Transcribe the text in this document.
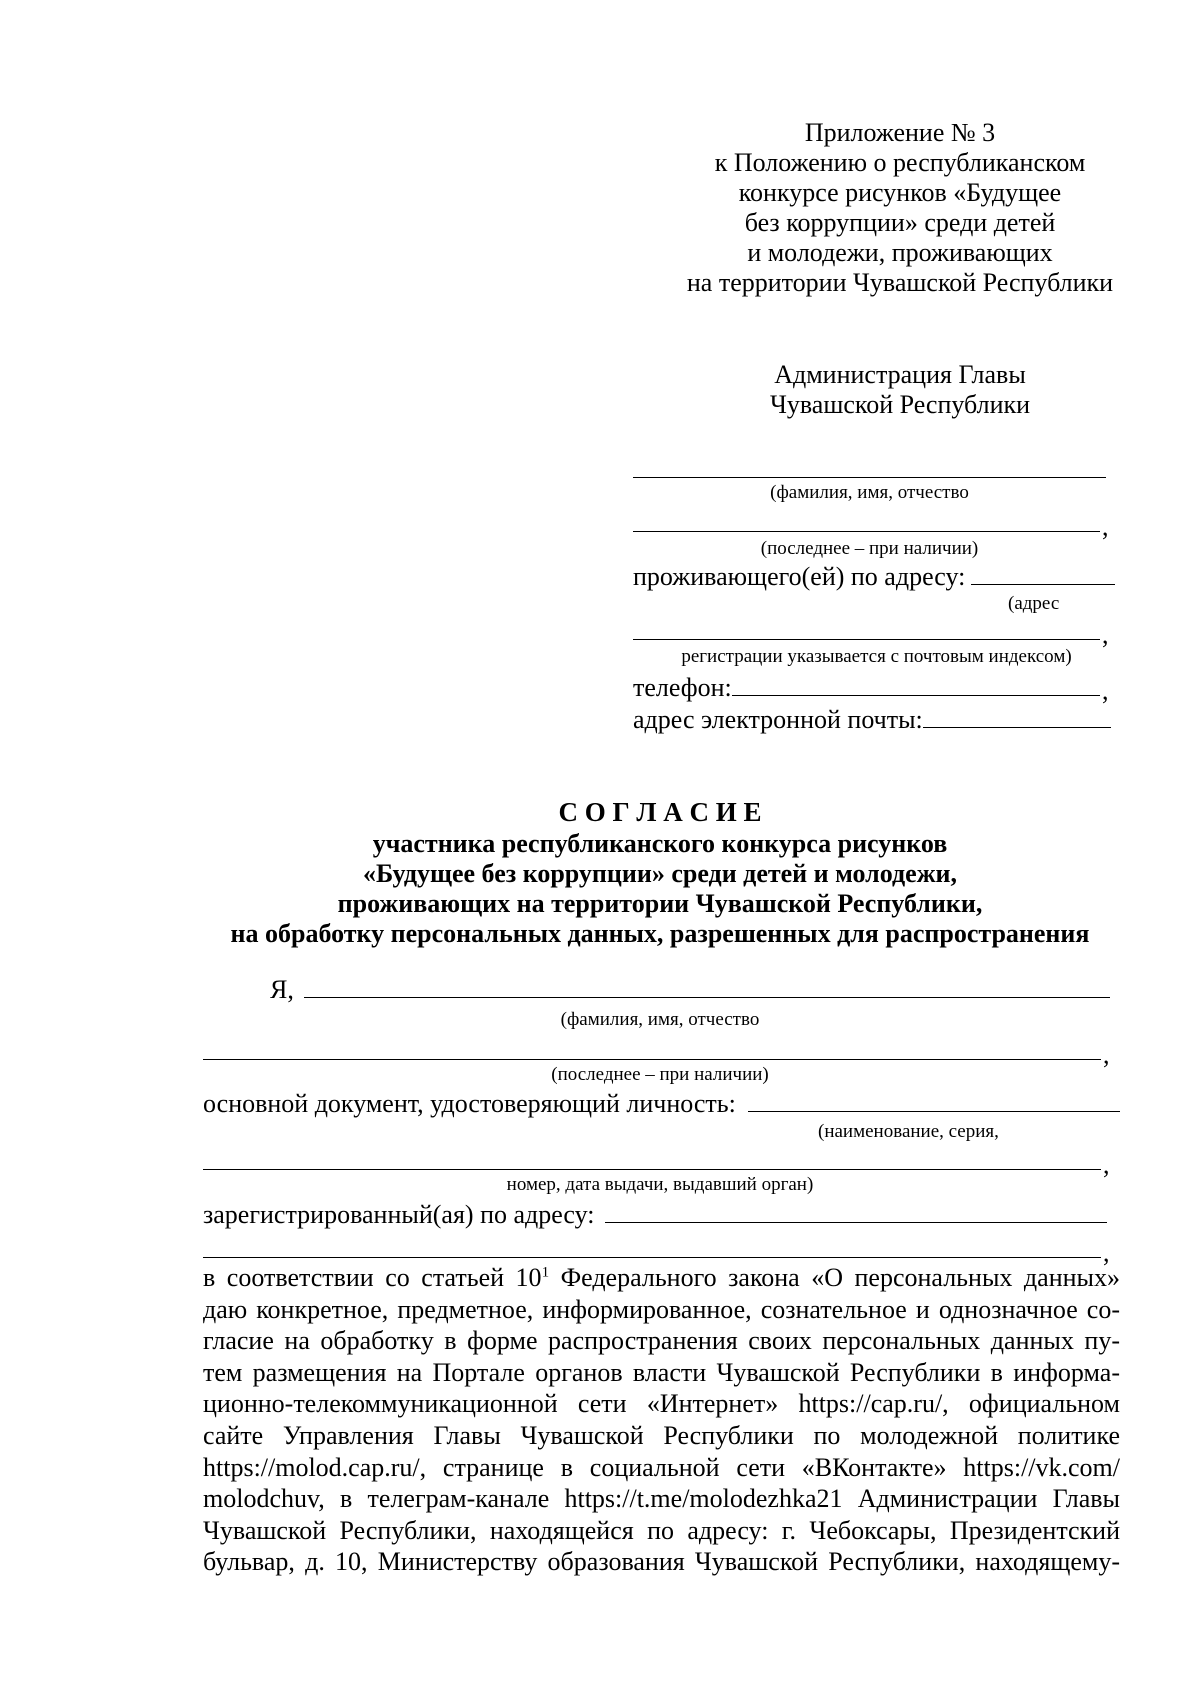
Приложение № 3
к Положению о республиканском
конкурсе рисунков «Будущее
без коррупции» среди детей
и молодежи, проживающих
на территории Чувашской Республики
Администрация Главы
Чувашской Республики
(фамилия, имя, отчество
,
(последнее – при наличии)
проживающего(ей) по адресу:
(адрес
,
регистрации указывается с почтовым индексом)
телефон:	,
адрес электронной почты:
С О Г Л А С И Е
участника республиканского конкурса рисунков
«Будущее без коррупции» среди детей и молодежи,
проживающих на территории Чувашской Республики,
на обработку персональных данных, разрешенных для распространения
Я,
(фамилия, имя, отчество
,
(последнее – при наличии)
основной документ, удостоверяющий личность:
(наименование, серия,
,
номер, дата выдачи, выдавший орган)
зарегистрированный(ая) по адресу:
,

в соответствии со статьей $10^1$ Федерального закона «О персональных данных»

даю конкретное, предметное, информированное, сознательное и однозначное со-

гласие на обработку в форме распространения своих персональных данных пу-

тем размещения на Портале органов власти Чувашской Республики в информа-

ционно-телекоммуникационной сети «Интернет» https://cap.ru/, официальном

сайте Управления Главы Чувашской Республики по молодежной политике

https://molod.cap.ru/, странице в социальной сети «ВКонтакте» https://vk.com/

molodchuv, в телеграм-канале https://t.me/molodezhka21 Администрации Главы

Чувашской Республики, находящейся по адресу: г. Чебоксары, Президентский

бульвар, д. 10, Министерству образования Чувашской Республики, находящему-
